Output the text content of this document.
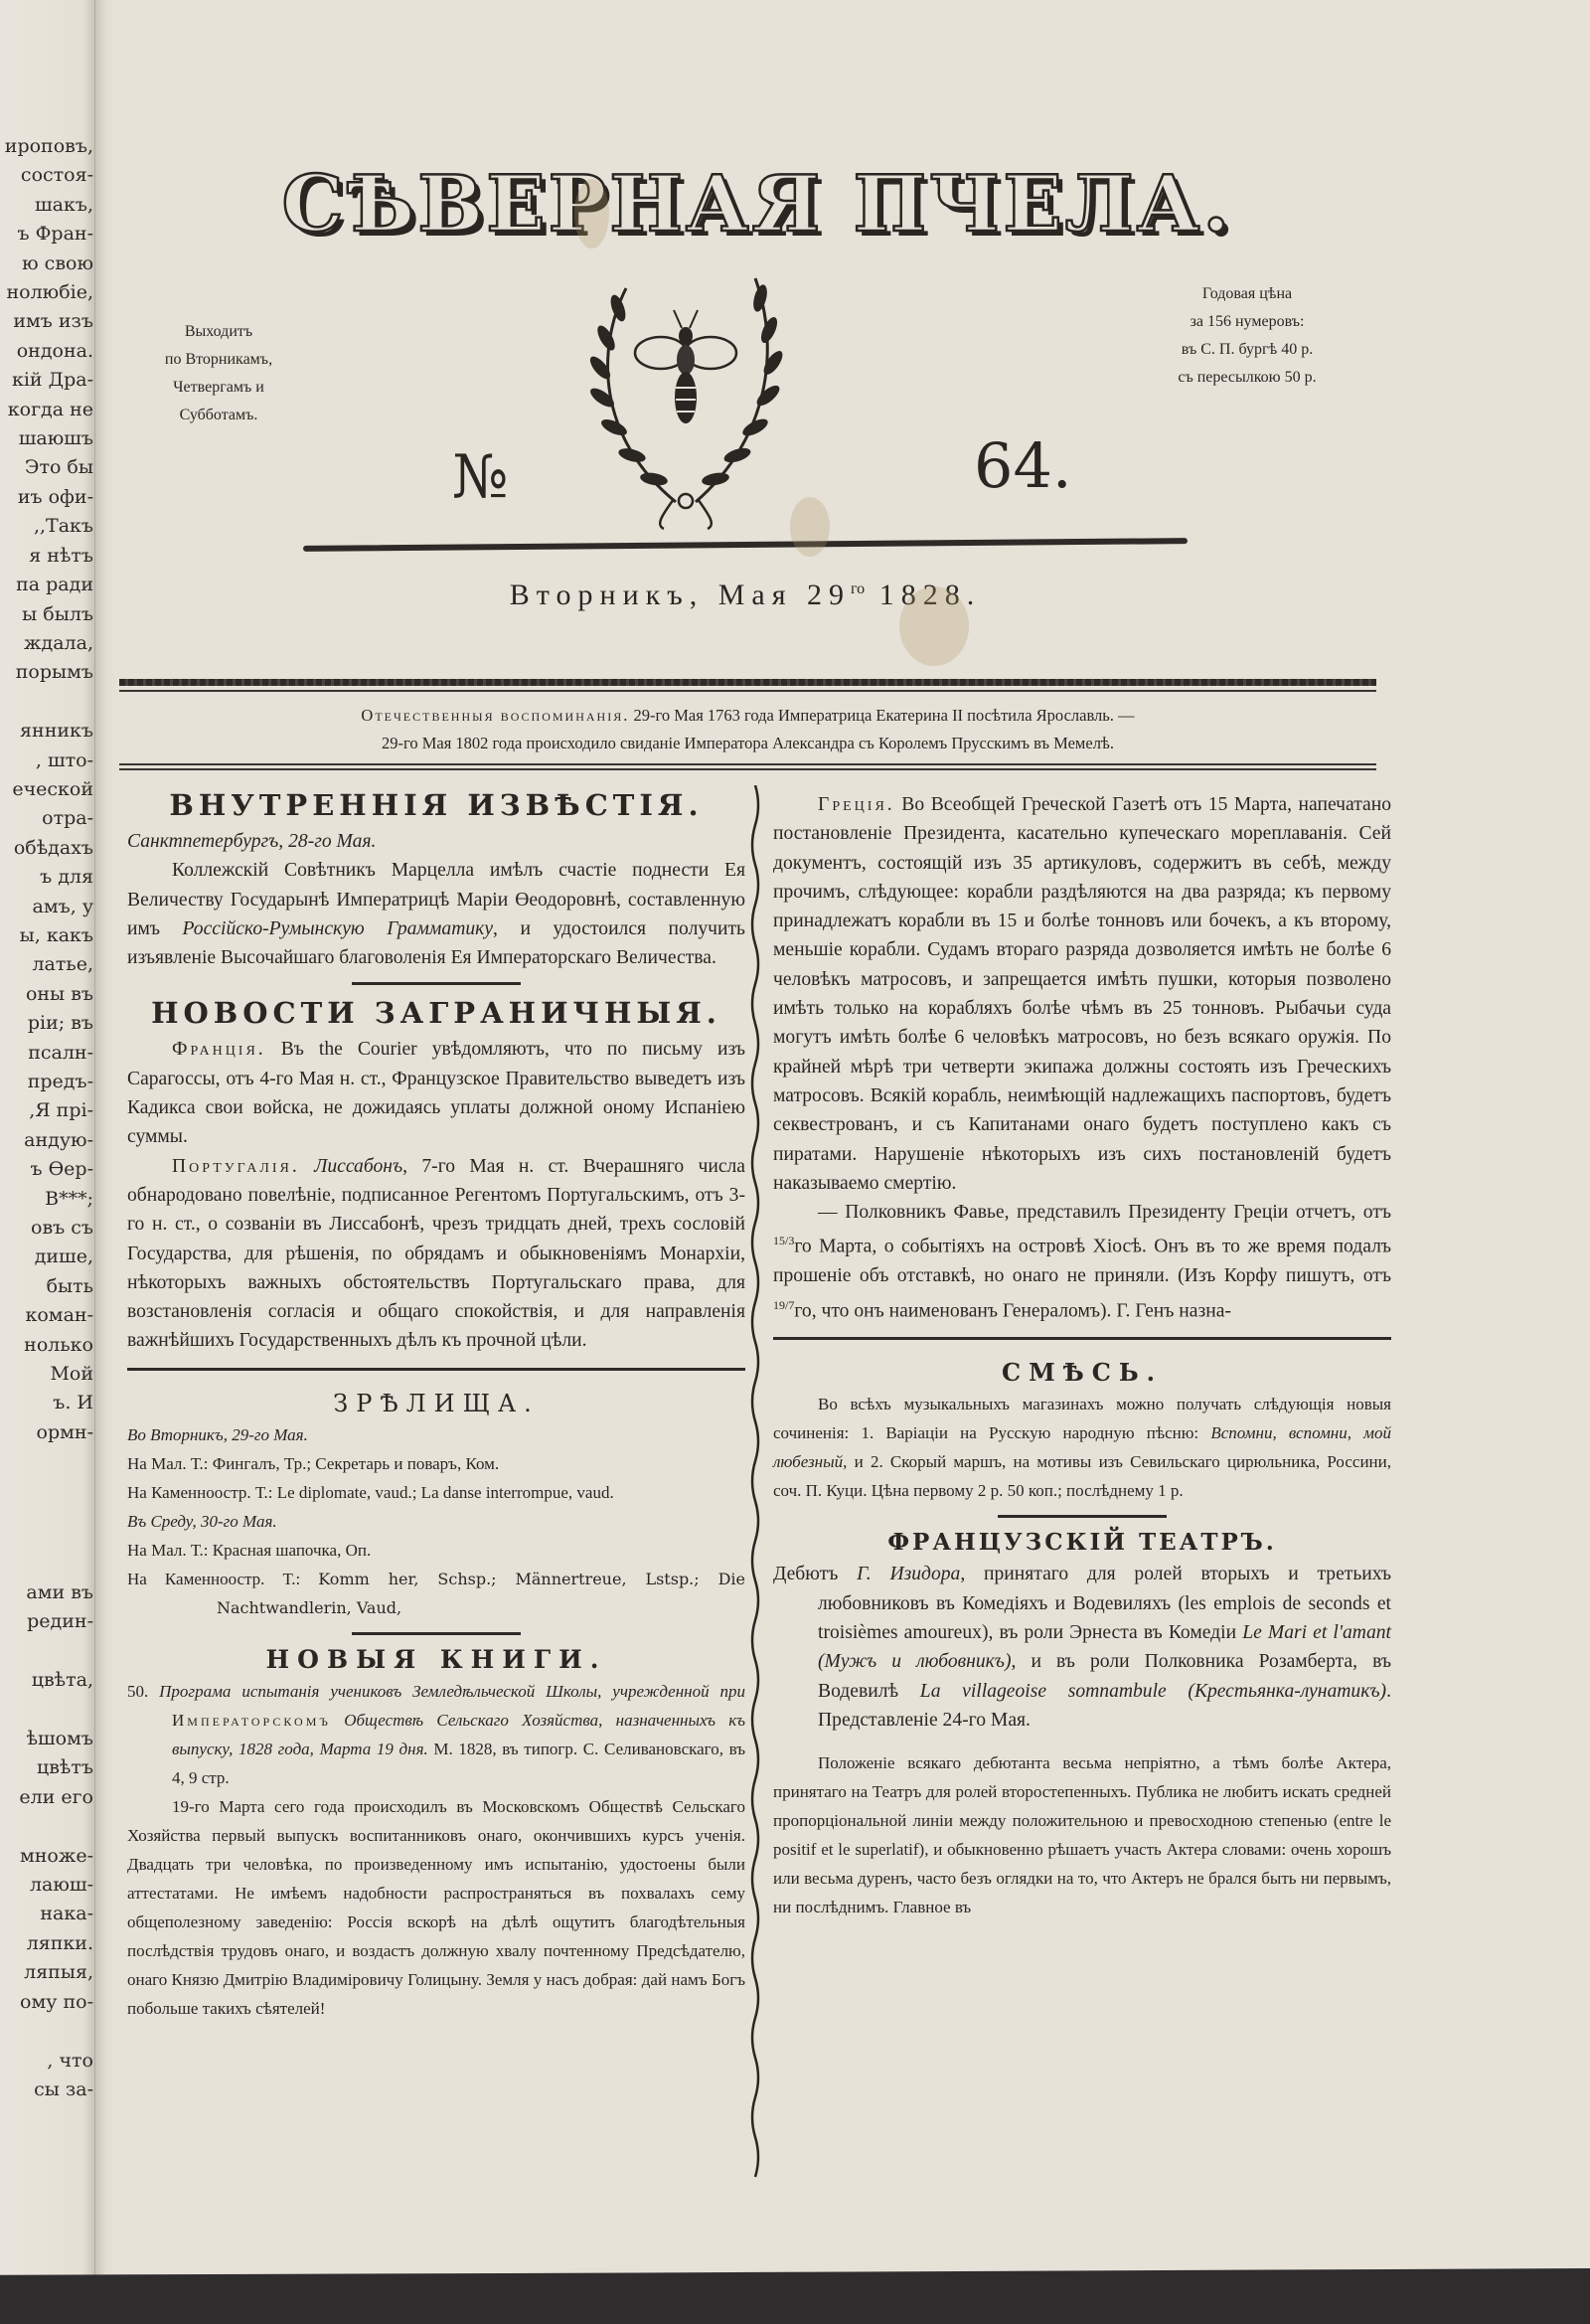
ироповъ,
состоя-
шакъ,
ъ Фран-
ю свою
нолюбіе,
имъ изъ
ондона.
кій Дра-
когда не
шаюшъ
Это бы
иъ офи-
,,Такъ
я нѣтъ
па ради
ы былъ
ждала,
порымъ

янникъ
, што-
еческой
отра-
обѣдахъ
ъ для
амъ, у
ы, какъ
латье,
оны въ
ріи; въ
псалн-
предъ-
,Я прі-
андую-
ъ Өер-
В***;
овъ съ
дише,
быть
коман-
нолько
Мой
ъ. И
ормн-
ами въ
редин-

цвѣта,

ѣшомъ
цвѣтъ
ели его

множе-
лаюш-
нака-
ляпки.
ляпыя,
ому по-

, что
сы за-
СѢВЕРНАЯ ПЧЕЛА.
Выходитъ
по Вторникамъ,
Четвергамъ и
Субботамъ.
Годовая цѣна
за 156 нумеровъ:
въ С. П. бургѣ 40 р.
съ пересылкою 50 р.
№	64.
Вторникъ, Мая $29^{го}$ 1828.
Отечественныя воспоминанія. 29-го Мая 1763 года Императрица Екатерина II посѣтила Ярославль. —
29-го Мая 1802 года происходило свиданіе Императора Александра съ Королемъ Прусскимъ въ Мемелѣ.
ВНУТРЕННІЯ ИЗВѢСТІЯ.

Санктпетербургъ, 28-го Мая.

Коллежскій Совѣтникъ Марцелла имѣлъ счастіе поднести Ея Величеству Государынѣ Императрицѣ Маріи Өеодоровнѣ, составленную имъ Россійско-Румынскую Грамматику, и удостоился получить изъявленіе Высочайшаго благоволенія Ея Императорскаго Величества.

НОВОСТИ ЗАГРАНИЧНЫЯ.

Франція. Въ the Courier увѣдомляютъ, что по письму изъ Сарагоссы, отъ 4-го Мая н. ст., Французское Правительство выведетъ изъ Кадикса свои войска, не дожидаясь уплаты должной оному Испаніею суммы.

Португалія. Лиссабонъ, 7-го Мая н. ст. Вчерашняго числа обнародовано повелѣніе, подписанное Регентомъ Португальскимъ, отъ 3-го н. ст., о созваніи въ Лиссабонѣ, чрезъ тридцать дней, трехъ сословій Государства, для рѣшенія, по обрядамъ и обыкновеніямъ Монархіи, нѣкоторыхъ важныхъ обстоятельствъ Португальскаго права, для возстановленія согласія и общаго спокойствія, и для направленія важнѣйшихъ Государственныхъ дѣлъ къ прочной цѣли.

ЗРѢЛИЩА.

Во Вторникъ, 29-го Мая.

На Мал. Т.: Фингалъ, Тр.; Секретарь и поваръ, Ком.

На Каменноостр. Т.: Le diplomate, vaud.; La danse interrompue, vaud.

Въ Среду, 30-го Мая.

На Мал. Т.: Красная шапочка, Оп.

На Каменноостр. Т.: Komm her, Schsp.; Männertreue, Lstsp.; Die Nachtwandlerin, Vaud,

НОВЫЯ КНИГИ.

50. Програма испытанія учениковъ Земледѣльческой Школы, учрежденной при Императорскомъ Обществѣ Сельскаго Хозяйства, назначенныхъ къ выпуску, 1828 года, Марта 19 дня. М. 1828, въ типогр. С. Селивановскаго, въ 4, 9 стр.

19-го Марта сего года происходилъ въ Московскомъ Обществѣ Сельскаго Хозяйства первый выпускъ воспитанниковъ онаго, окончившихъ курсъ ученія. Двадцать три человѣка, по произведенному имъ испытанію, удостоены были аттестатами. Не имѣемъ надобности распространяться въ похвалахъ сему общеполезному заведенію: Россія вскорѣ на дѣлѣ ощутитъ благодѣтельныя послѣдствія трудовъ онаго, и воздастъ должную хвалу почтенному Предсѣдателю, онаго Князю Дмитрію Владиміровичу Голицыну. Земля у насъ добрая: дай намъ Богъ побольше такихъ сѣятелей!

Греція. Во Всеобщей Греческой Газетѣ отъ 15 Марта, напечатано постановленіе Президента, касательно купеческаго мореплаванія. Сей документъ, состоящій изъ 35 артикуловъ, содержитъ въ себѣ, между прочимъ, слѣдующее: корабли раздѣляются на два разряда; къ первому принадлежатъ корабли въ 15 и болѣе тонновъ или бочекъ, а къ второму, меньшіе корабли. Судамъ втораго разряда дозволяется имѣть не болѣе 6 человѣкъ матросовъ, и запрещается имѣть пушки, которыя позволено имѣть только на корабляхъ болѣе чѣмъ въ 25 тонновъ. Рыбачьи суда могутъ имѣть болѣе 6 человѣкъ матросовъ, но безъ всякаго оружія. По крайней мѣрѣ три четверти экипажа должны состоять изъ Греческихъ матросовъ. Всякій корабль, неимѣющій надлежащихъ паспортовъ, будетъ секвестрованъ, и съ Капитанами онаго будетъ поступлено какъ съ пиратами. Нарушеніе нѣкоторыхъ изъ сихъ постановленій будетъ наказываемо смертію.

— Полковникъ Фавье, представилъ Президенту Греціи отчетъ, отъ $^{15/3}$го Марта, о событіяхъ на островѣ Хіосѣ. Онъ въ то же время подалъ прошеніе объ отставкѣ, но онаго не приняли. (Изъ Корфу пишутъ, отъ $^{19/7}$го, что онъ наименованъ Генераломъ). Г. Генъ назна-

СМѢСЬ.

Во всѣхъ музыкальныхъ магазинахъ можно получать слѣдующія новыя сочиненія: 1. Варіаціи на Русскую народную пѣсню: Вспомни, вспомни, мой любезный, и 2. Скорый маршъ, на мотивы изъ Севильскаго цирюльника, Россини, соч. П. Куци. Цѣна первому 2 р. 50 коп.; послѣднему 1 р.

ФРАНЦУЗСКІЙ ТЕАТРЪ.

Дебютъ Г. Изидора, принятаго для ролей вторыхъ и третьихъ любовниковъ въ Комедіяхъ и Водевиляхъ (les emplois de seconds et troisièmes amoureux), въ роли Эрнеста въ Комедіи Le Mari et l'amant (Мужъ и любовникъ), и въ роли Полковника Розамберта, въ Водевилѣ La villageoise somnambule (Крестьянка-лунатикъ). Представленіе 24-го Мая.

Положеніе всякаго дебютанта весьма непріятно, а тѣмъ болѣе Актера, принятаго на Театръ для ролей второстепенныхъ. Публика не любитъ искать средней пропорціональной линіи между положительною и превосходною степенью (entre le positif et le superlatif), и обыкновенно рѣшаетъ участь Актера словами: очень хорошъ или весьма дуренъ, часто безъ оглядки на то, что Актеръ не брался быть ни первымъ, ни послѣднимъ. Главное въ
